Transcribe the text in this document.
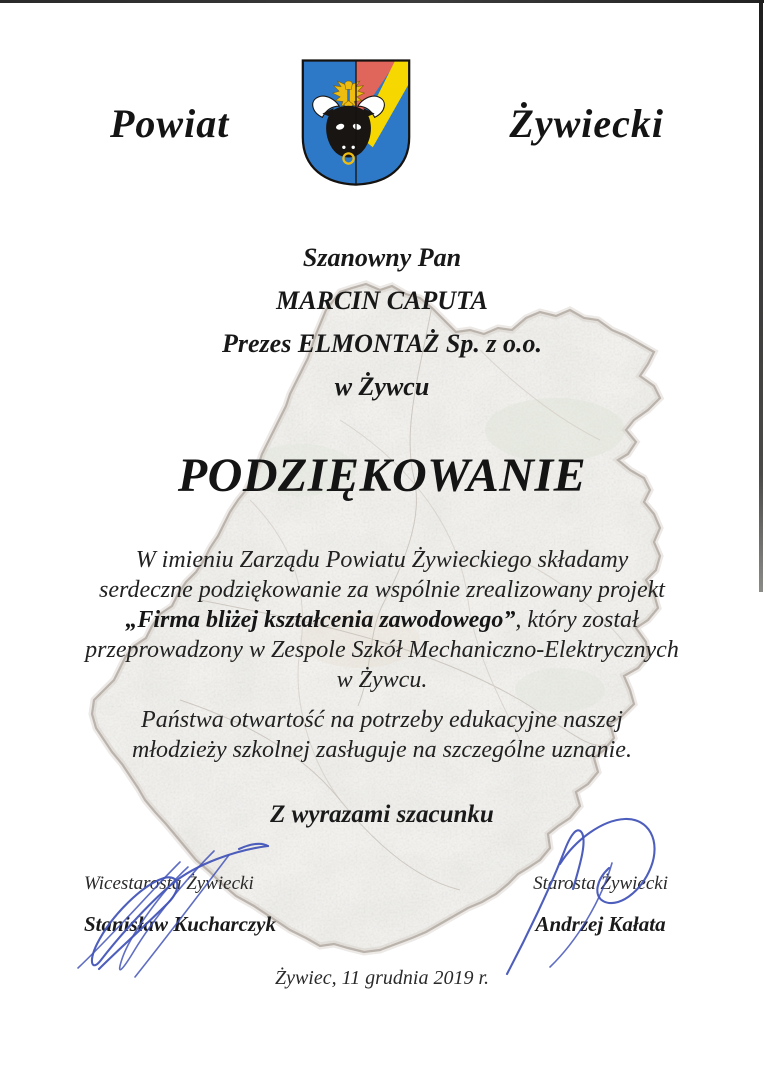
Powiat	Żywiecki
Szanowny Pan
MARCIN CAPUTA
Prezes ELMONTAŻ Sp. z o.o.
w Żywcu
PODZIĘKOWANIE
W imieniu Zarządu Powiatu Żywieckiego składamy
serdeczne podziękowanie za wspólnie zrealizowany projekt
„Firma bliżej kształcenia zawodowego”, który został
przeprowadzony w Zespole Szkół Mechaniczno-Elektrycznych
w Żywcu.
Państwa otwartość na potrzeby edukacyjne naszej
młodzieży szkolnej zasługuje na szczególne uznanie.
Z wyrazami szacunku
Wicestarosta Żywiecki
Stanisław Kucharczyk
Starosta Żywiecki
Andrzej Kałata
Żywiec, 11 grudnia 2019 r.
